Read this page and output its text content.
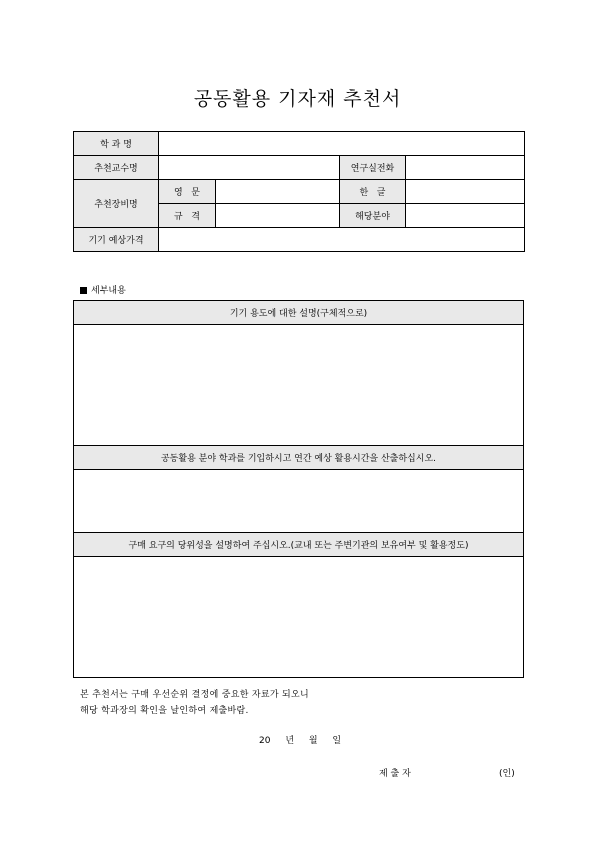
공동활용 기자재 추천서
학 과 명				
추천교수명			연구실전화	
추천장비명	영   문		한   글	
	규   격		해당분야	
기기 예상가격				
세부내용
기기 용도에 대한 설명(구체적으로)

공동활용 분야 학과를 기입하시고 연간 예상 활용시간을 산출하십시오.

구매 요구의 당위성을 설명하여 주십시오.(교내 또는 주변기관의 보유여부 및 활용정도)

본 추천서는 구매 우선순위 결정에 중요한 자료가 되오니
해당 학과장의 확인을 날인하여 제출바람.
20 년 월 일
제 출 자	(인)
